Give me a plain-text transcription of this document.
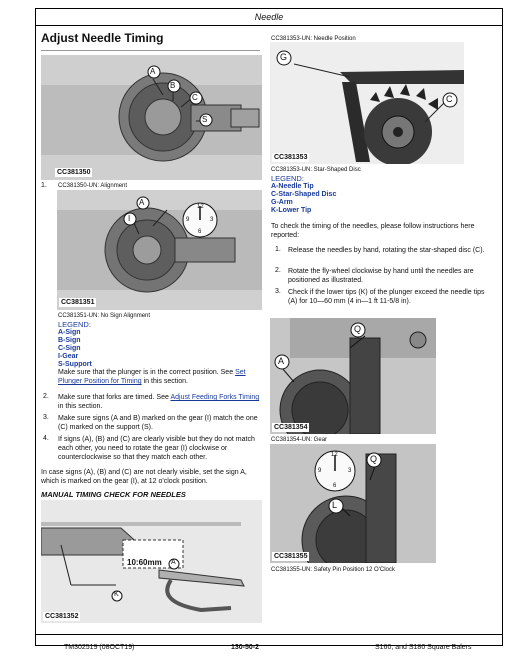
Needle
Adjust Needle Timing
A
B
C
S
CC381350
1. CC381350-UN: Alignment
12
9	3
6
A
I
CC381351
CC381351-UN: No Sign Alignment
LEGEND:
A-Sign
B-Sign
C-Sign
I-Gear
S-Support
Make sure that the plunger is in the correct position. See Set Plunger Position for Timing in this section.
2. Make sure that forks are timed. See Adjust Feeding Forks Timing in this section.
3. Make sure signs (A and B) marked on the gear (I) match the one (C) marked on the support (S).
4. If signs (A), (B) and (C) are clearly visible but they do not match each other, you need to rotate the gear (I) clockwise or counterclockwise so that they match each other.
In case signs (A), (B) and (C) are not clearly visible, set the sign A, which is marked on the gear (I), at 12 o'clock position.
MANUAL TIMING CHECK FOR NEEDLES
10:60mm A
K
CC381352
CC381353-UN: Needle Position
G
C
CC381353
CC381353-UN: Star-Shaped Disc
LEGEND:
A-Needle Tip
C-Star-Shaped Disc
G-Arm
K-Lower Tip
To check the timing of the needles, please follow instructions here reported:
1. Release the needles by hand, rotating the star-shaped disc (C).
2. Rotate the fly-wheel clockwise by hand until the needles are positioned as illustrated.
3. Check if the lower tips (K) of the plunger exceed the needle tips (A) for 10—60 mm (4 in—1 ft 11-5/8 in).
Q
A
CC381354
CC381354-UN: Gear
12
9	3
6
Q
L
CC381355
CC381355-UN: Safety Pin Position 12 O'Clock
TM302519 (08OCT19)	130-50-2	S160, and S180 Square Balers
